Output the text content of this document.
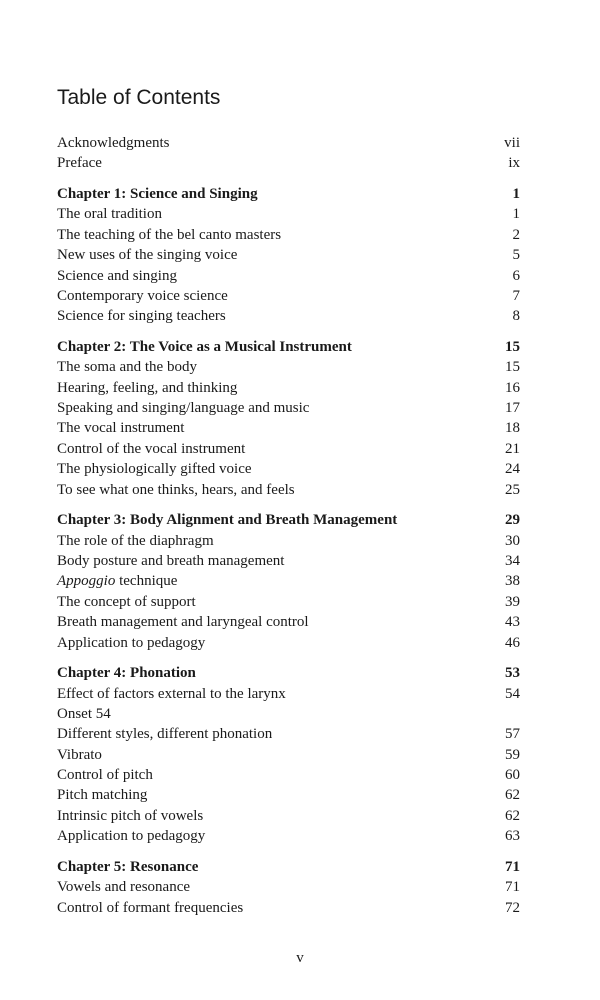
Table of Contents
Acknowledgments	vii
Preface	ix
Chapter 1: Science and Singing	1
The oral tradition	1
The teaching of the bel canto masters	2
New uses of the singing voice	5
Science and singing	6
Contemporary voice science	7
Science for singing teachers	8
Chapter 2: The Voice as a Musical Instrument	15
The soma and the body	15
Hearing, feeling, and thinking	16
Speaking and singing/language and music	17
The vocal instrument	18
Control of the vocal instrument	21
The physiologically gifted voice	24
To see what one thinks, hears, and feels	25
Chapter 3: Body Alignment and Breath Management	29
The role of the diaphragm	30
Body posture and breath management	34
Appoggio technique	38
The concept of support	39
Breath management and laryngeal control	43
Application to pedagogy	46
Chapter 4: Phonation	53
Effect of factors external to the larynx	54
Onset 54
Different styles, different phonation	57
Vibrato	59
Control of pitch	60
Pitch matching	62
Intrinsic pitch of vowels	62
Application to pedagogy	63
Chapter 5: Resonance	71
Vowels and resonance	71
Control of formant frequencies	72
v
